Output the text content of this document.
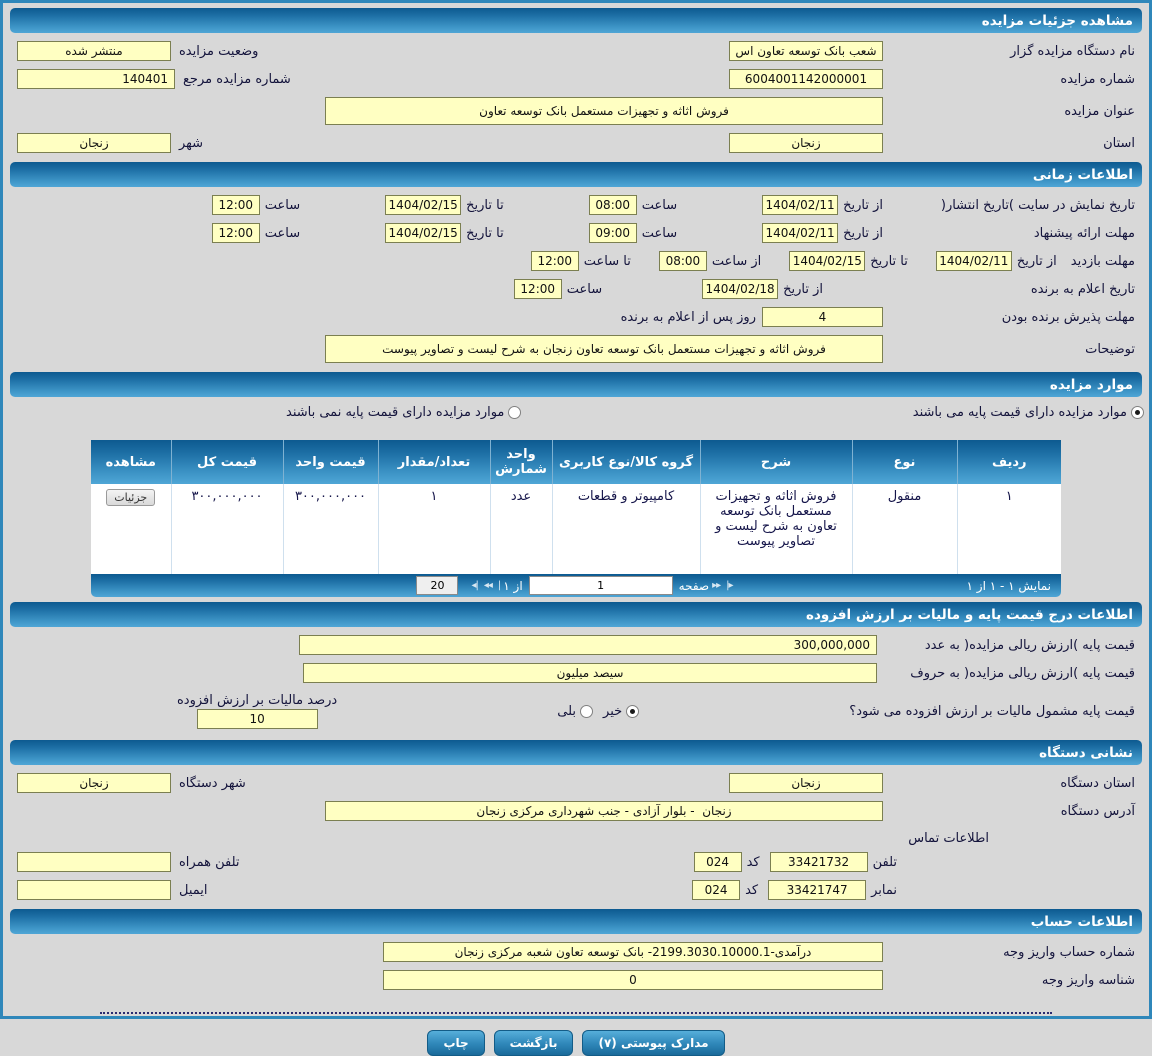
مشاهده جزئیات مزایده
نام دستگاه مزایده گزار
شعب بانک توسعه تعاون اس
وضعیت مزایده
منتشر شده
شماره مزایده
6004001142000001
شماره مزایده مرجع
140401
عنوان مزایده
فروش اثاثه و تجهیزات مستعمل بانک توسعه تعاون
استان
زنجان
شهر
زنجان
اطلاعات زمانی
تاریخ نمایش در سایت )تاریخ انتشار(
از تاریخ
1404/02/11
ساعت
08:00
تا تاریخ
1404/02/15
ساعت
12:00
مهلت ارائه پیشنهاد
از تاریخ
1404/02/11
ساعت
09:00
تا تاریخ
1404/02/15
ساعت
12:00
مهلت بازدید
از تاریخ
1404/02/11
تا تاریخ
1404/02/15
از ساعت
08:00
تا ساعت
12:00
تاریخ اعلام به برنده
از تاریخ
1404/02/18
ساعت
12:00
مهلت پذیرش برنده بودن
4
روز پس از اعلام به برنده
توضیحات
فروش اثاثه و تجهیزات مستعمل بانک توسعه تعاون زنجان به شرح لیست و تصاویر پیوست
موارد مزایده
موارد مزایده دارای قیمت پایه می باشند
موارد مزایده دارای قیمت پایه نمی باشند
ردیف	نوع	شرح	گروه کالا/نوع کاربری	واحد شمارش	تعداد/مقدار	قیمت واحد	قیمت کل	مشاهده
۱	منقول	فروش اثاثه و تجهیزات مستعمل بانک توسعه تعاون به شرح لیست و تصاویر پیوست	کامپیوتر و قطعات	عدد	۱	۳۰۰,۰۰۰,۰۰۰	۳۰۰,۰۰۰,۰۰۰	جزئیات
نمایش ۱ - ۱ از ۱
▸|
▸▸
صفحه
1
از ۱
|
◂◂
|◂
20
اطلاعات درج قیمت پایه و مالیات بر ارزش افزوده
قیمت پایه )ارزش ریالی مزایده( به عدد
300,000,000
قیمت پایه )ارزش ریالی مزایده( به حروف
سیصد میلیون
قیمت پایه مشمول مالیات بر ارزش افزوده می شود؟
خیر
بلی
درصد مالیات بر ارزش افزوده
10
نشانی دستگاه
استان دستگاه
زنجان
شهر دستگاه
زنجان
آدرس دستگاه
زنجان - بلوار آزادی - جنب شهرداری مرکزی زنجان
اطلاعات تماس
تلفن
33421732
کد
024
تلفن همراه
نمابر
33421747
کد
024
ایمیل
اطلاعات حساب
شماره حساب واریز وجه
درآمدی-2199.3030.10000.1- بانک توسعه تعاون شعبه مرکزی زنجان
شناسه واریز وجه
0
مدارک پیوستی (۷)
بازگشت
چاپ
